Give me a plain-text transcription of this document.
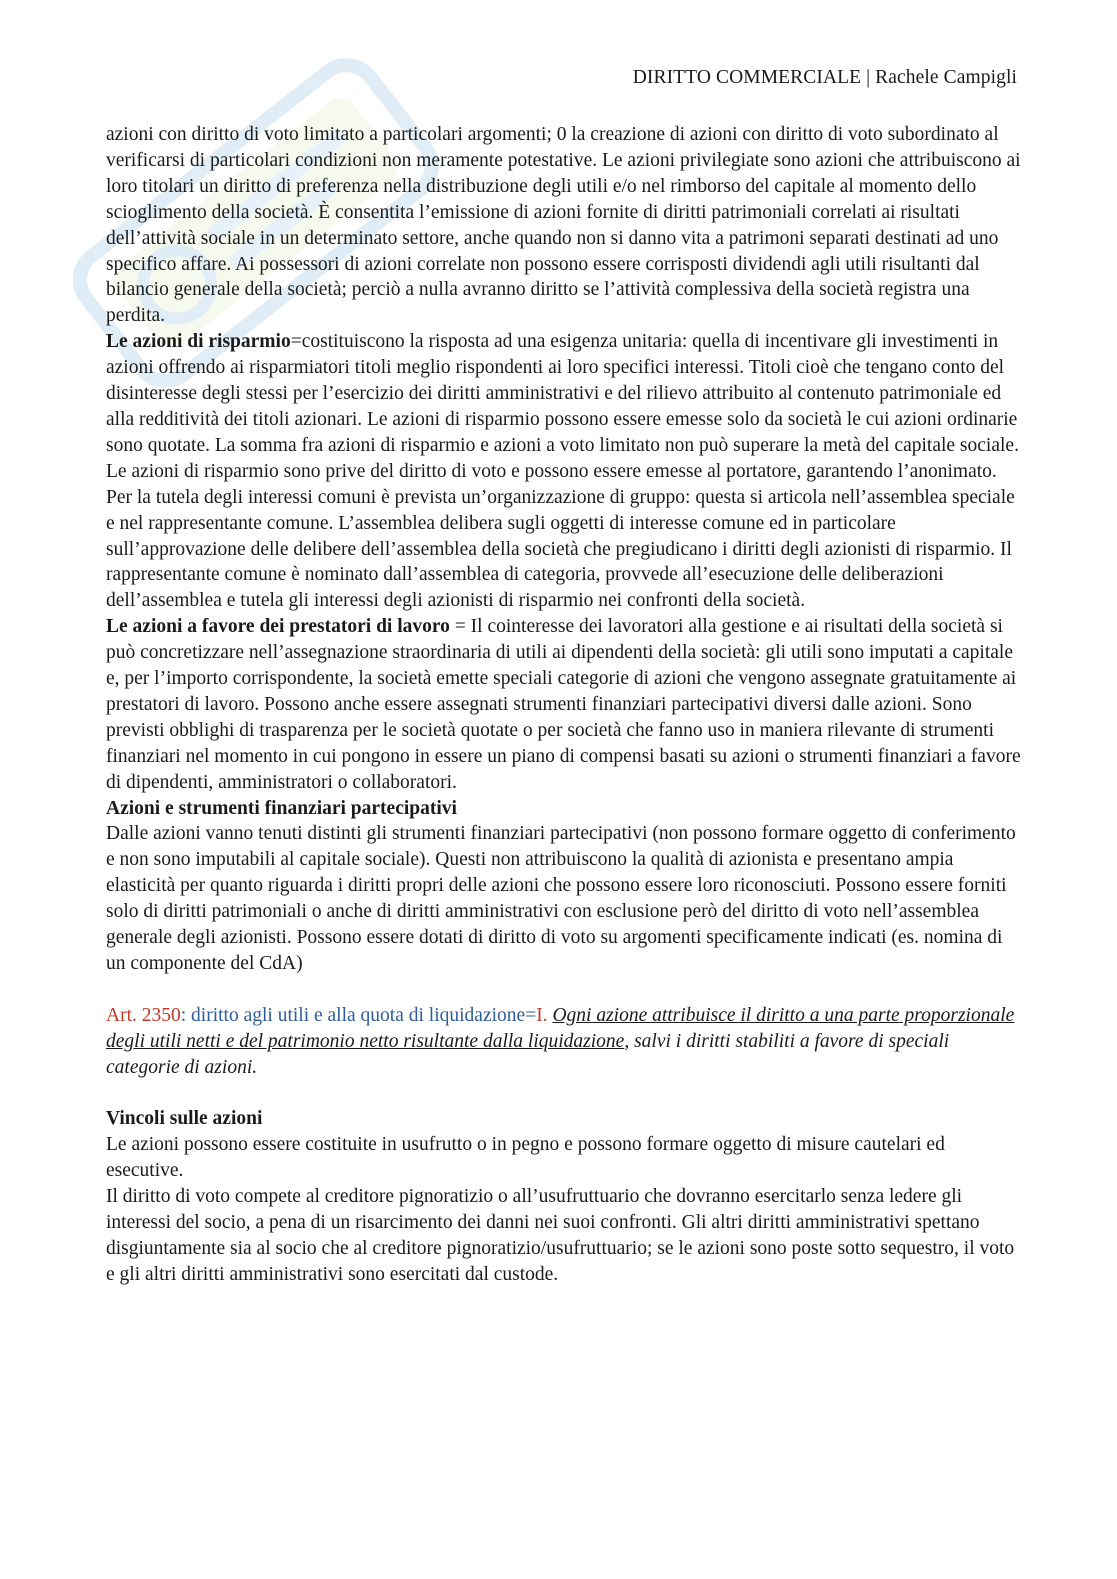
DIRITTO COMMERCIALE | Rachele Campigli

azioni con diritto di voto limitato a particolari argomenti; 0 la creazione di azioni con diritto di voto subordinato al verificarsi di particolari condizioni non meramente potestative. Le azioni privilegiate sono azioni che attribuiscono ai loro titolari un diritto di preferenza nella distribuzione degli utili e/o nel rimborso del capitale al momento dello scioglimento della società. È consentita l’emissione di azioni fornite di diritti patrimoniali correlati ai risultati dell’attività sociale in un determinato settore, anche quando non si danno vita a patrimoni separati destinati ad uno specifico affare. Ai possessori di azioni correlate non possono essere corrisposti dividendi agli utili risultanti dal bilancio generale della società; perciò a nulla avranno diritto se l’attività complessiva della società registra una perdita.

Le azioni di risparmio=costituiscono la risposta ad una esigenza unitaria: quella di incentivare gli investimenti in azioni offrendo ai risparmiatori titoli meglio rispondenti ai loro specifici interessi. Titoli cioè che tengano conto del disinteresse degli stessi per l’esercizio dei diritti amministrativi e del rilievo attribuito al contenuto patrimoniale ed alla redditività dei titoli azionari. Le azioni di risparmio possono essere emesse solo da società le cui azioni ordinarie sono quotate. La somma fra azioni di risparmio e azioni a voto limitato non può superare la metà del capitale sociale. Le azioni di risparmio sono prive del diritto di voto e possono essere emesse al portatore, garantendo l’anonimato. Per la tutela degli interessi comuni è prevista un’organizzazione di gruppo: questa si articola nell’assemblea speciale e nel rappresentante comune. L’assemblea delibera sugli oggetti di interesse comune ed in particolare sull’approvazione delle delibere dell’assemblea della società che pregiudicano i diritti degli azionisti di risparmio. Il rappresentante comune è nominato dall’assemblea di categoria, provvede all’esecuzione delle deliberazioni dell’assemblea e tutela gli interessi degli azionisti di risparmio nei confronti della società.

Le azioni a favore dei prestatori di lavoro = Il cointeresse dei lavoratori alla gestione e ai risultati della società si può concretizzare nell’assegnazione straordinaria di utili ai dipendenti della società: gli utili sono imputati a capitale e, per l’importo corrispondente, la società emette speciali categorie di azioni che vengono assegnate gratuitamente ai prestatori di lavoro. Possono anche essere assegnati strumenti finanziari partecipativi diversi dalle azioni. Sono previsti obblighi di trasparenza per le società quotate o per società che fanno uso in maniera rilevante di strumenti finanziari nel momento in cui pongono in essere un piano di compensi basati su azioni o strumenti finanziari a favore di dipendenti, amministratori o collaboratori.

Azioni e strumenti finanziari partecipativi

Dalle azioni vanno tenuti distinti gli strumenti finanziari partecipativi (non possono formare oggetto di conferimento e non sono imputabili al capitale sociale). Questi non attribuiscono la qualità di azionista e presentano ampia elasticità per quanto riguarda i diritti propri delle azioni che possono essere loro riconosciuti. Possono essere forniti solo di diritti patrimoniali o anche di diritti amministrativi con esclusione però del diritto di voto nell’assemblea generale degli azionisti. Possono essere dotati di diritto di voto su argomenti specificamente indicati (es. nomina di un componente del CdA)

Art. 2350: diritto agli utili e alla quota di liquidazione=I. Ogni azione attribuisce il diritto a una parte proporzionale degli utili netti e del patrimonio netto risultante dalla liquidazione, salvi i diritti stabiliti a favore di speciali categorie di azioni.

Vincoli sulle azioni

Le azioni possono essere costituite in usufrutto o in pegno e possono formare oggetto di misure cautelari ed esecutive.

Il diritto di voto compete al creditore pignoratizio o all’usufruttuario che dovranno esercitarlo senza ledere gli interessi del socio, a pena di un risarcimento dei danni nei suoi confronti. Gli altri diritti amministrativi spettano disgiuntamente sia al socio che al creditore pignoratizio/usufruttuario; se le azioni sono poste sotto sequestro, il voto e gli altri diritti amministrativi sono esercitati dal custode.
